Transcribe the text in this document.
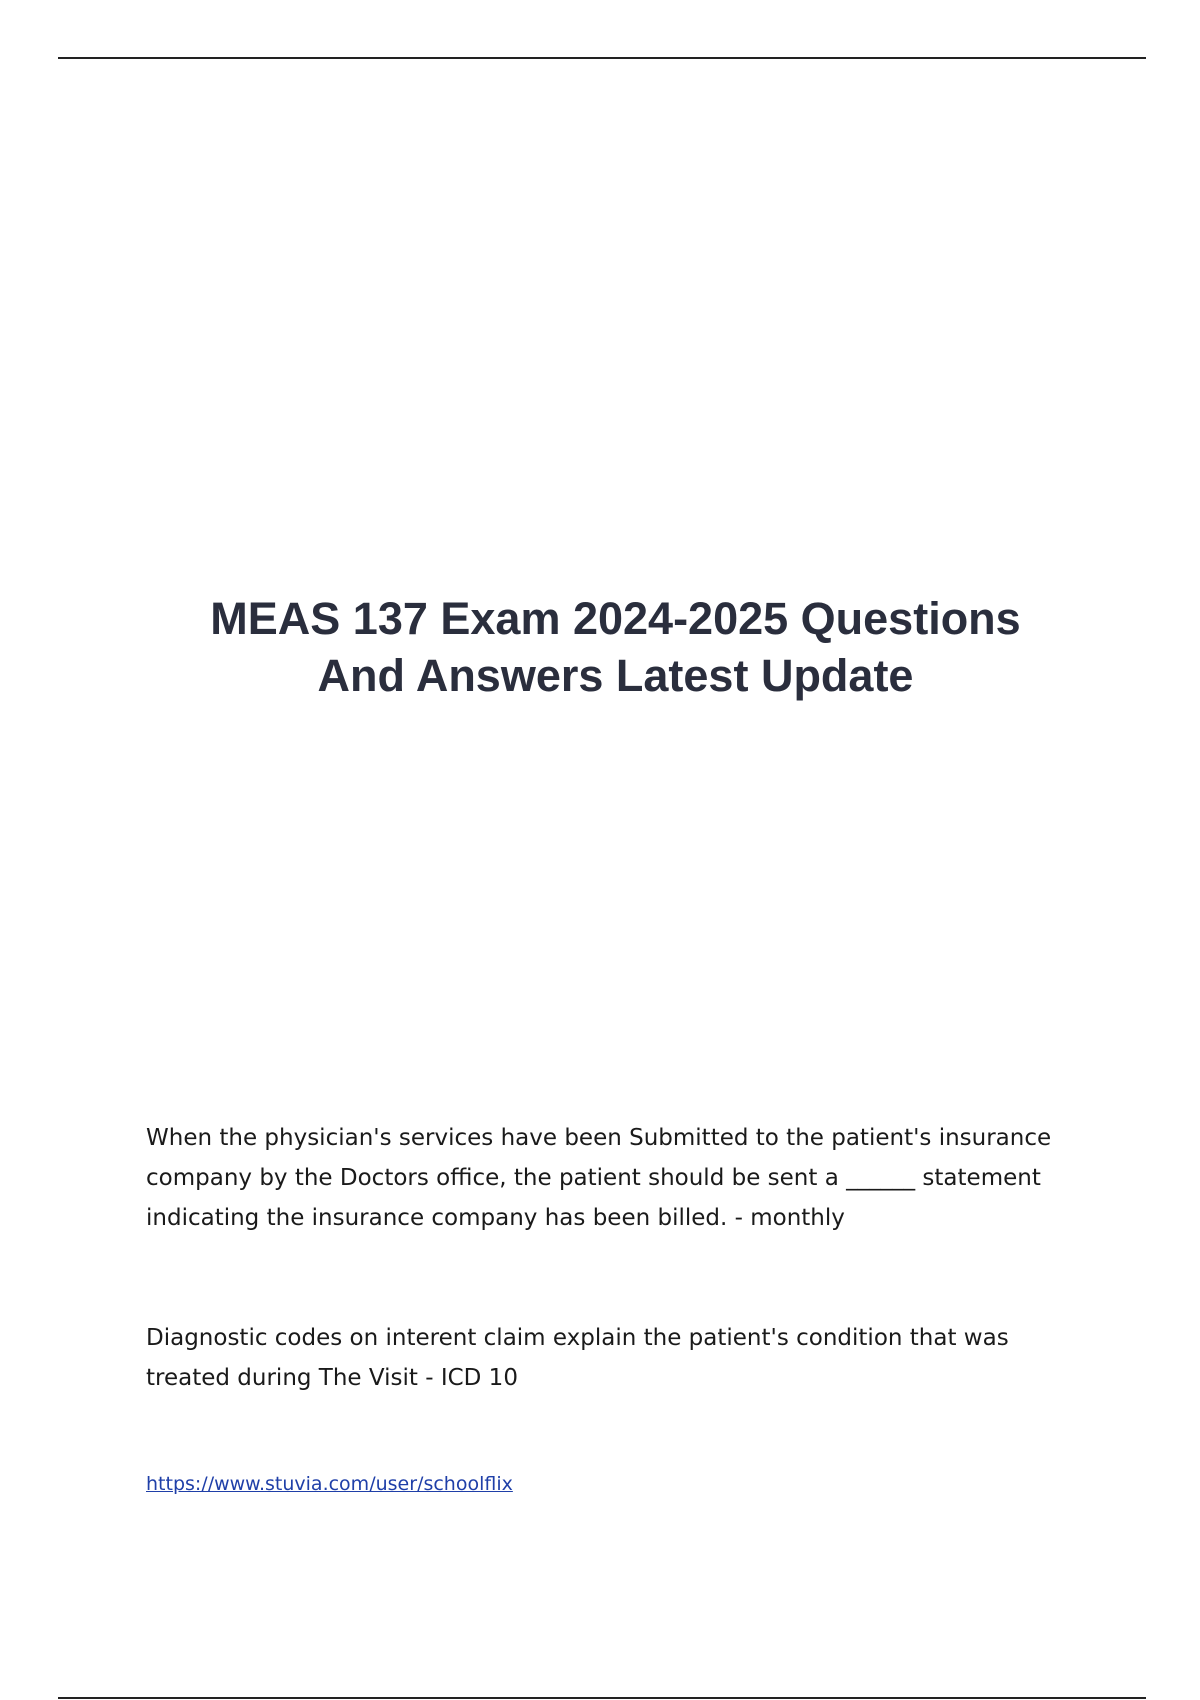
MEAS 137 Exam 2024-2025 Questions
And Answers Latest Update

When the physician's services have been Submitted to the patient's insurance company by the Doctors office, the patient should be sent a ______ statement indicating the insurance company has been billed. - monthly

Diagnostic codes on interent claim explain the patient's condition that was treated during The Visit - ICD 10

https://www.stuvia.com/user/schoolflix
